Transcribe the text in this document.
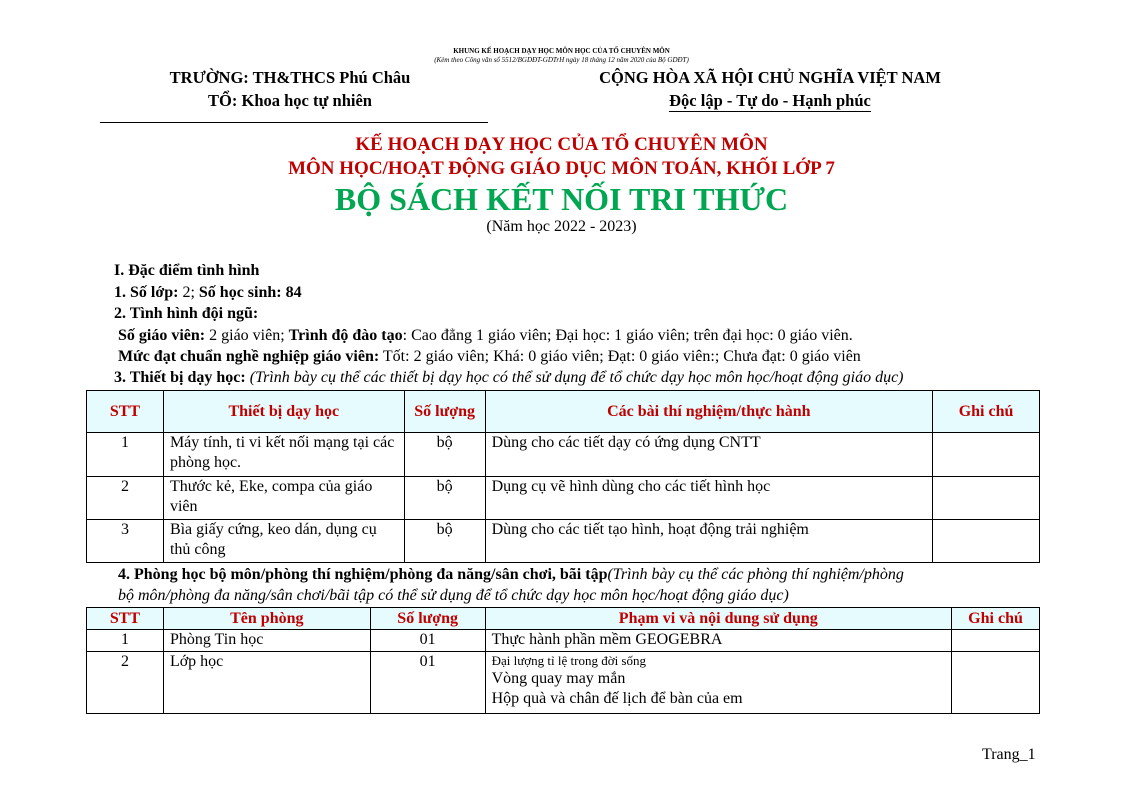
KHUNG KẾ HOẠCH DẠY HỌC MÔN HỌC CỦA TỔ CHUYÊN MÔN
(Kèm theo Công văn số 5512/BGDĐT-GDTrH ngày 18 tháng 12 năm 2020 của Bộ GDĐT)
TRƯỜNG: TH&THCS Phú Châu
TỔ: Khoa học tự nhiên
CỘNG HÒA XÃ HỘI CHỦ NGHĨA VIỆT NAM
Độc lập - Tự do - Hạnh phúc
KẾ HOẠCH DẠY HỌC CỦA TỔ CHUYÊN MÔN
MÔN HỌC/HOẠT ĐỘNG GIÁO DỤC MÔN TOÁN, KHỐI LỚP 7
BỘ SÁCH KẾT NỐI TRI THỨC
(Năm học 2022 - 2023)
I. Đặc điểm tình hình
1. Số lớp: 2; Số học sinh: 84
2. Tình hình đội ngũ:
Số giáo viên: 2 giáo viên; Trình độ đào tạo: Cao đẳng 1 giáo viên; Đại học: 1 giáo viên; trên đại học: 0 giáo viên.
Mức đạt chuẩn nghề nghiệp giáo viên: Tốt: 2 giáo viên; Khá: 0 giáo viên; Đạt: 0 giáo viên:; Chưa đạt: 0 giáo viên
3. Thiết bị dạy học: (Trình bày cụ thể các thiết bị dạy học có thể sử dụng để tổ chức dạy học môn học/hoạt động giáo dục)
STT	Thiết bị dạy học	Số lượng	Các bài thí nghiệm/thực hành	Ghi chú
1	Máy tính, ti vi kết nối mạng tại các phòng học.	bộ	Dùng cho các tiết dạy có ứng dụng CNTT	
2	Thước kẻ, Eke, compa của giáo viên	bộ	Dụng cụ vẽ hình dùng cho các tiết hình học	
3	Bìa giấy cứng, keo dán, dụng cụ thủ công	bộ	Dùng cho các tiết tạo hình, hoạt động trải nghiệm	
4. Phòng học bộ môn/phòng thí nghiệm/phòng đa năng/sân chơi, bãi tập(Trình bày cụ thể các phòng thí nghiệm/phòng
bộ môn/phòng đa năng/sân chơi/bãi tập có thể sử dụng để tổ chức dạy học môn học/hoạt động giáo dục)
STT	Tên phòng	Số lượng	Phạm vi và nội dung sử dụng	Ghi chú
1	Phòng Tin học	01	Thực hành phần mềm GEOGEBRA	
2	Lớp học	01	Đại lượng tỉ lệ trong đời sống
Vòng quay may mắn
Hộp quà và chân đế lịch để bàn của em	

Trang_1
